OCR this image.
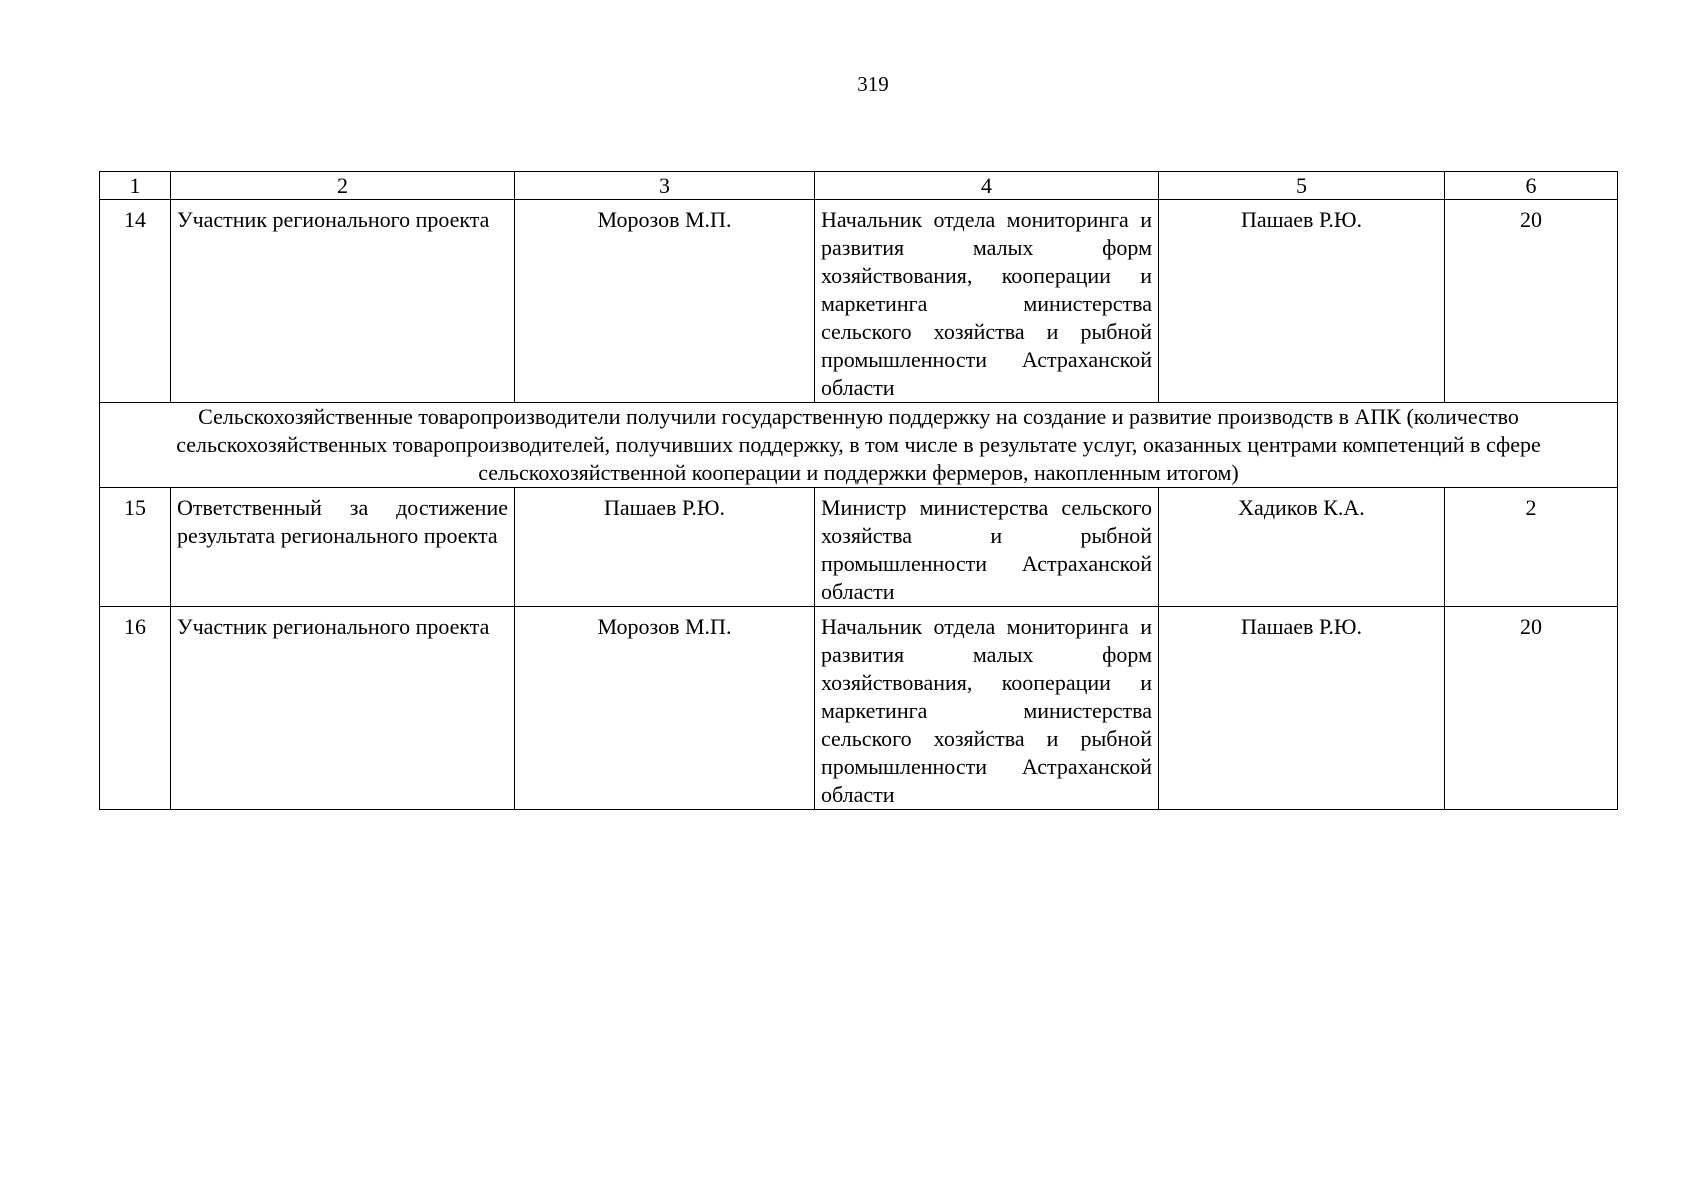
319
1	2	3	4	5	6
14	Участник регионального проекта	Морозов М.П.	Начальник отдела мониторинга и развития малых форм хозяйствования, кооперации и маркетинга министерства сельского хозяйства и рыбной промышленности Астраханской области	Пашаев Р.Ю.	20
Сельскохозяйственные товаропроизводители получили государственную поддержку на создание и развитие производств в АПК (количество сельскохозяйственных товаропроизводителей, получивших поддержку, в том числе в результате услуг, оказанных центрами компетенций в сфере сельскохозяйственной кооперации и поддержки фермеров, накопленным итогом)					
15	Ответственный за достижение результата регионального проекта	Пашаев Р.Ю.	Министр министерства сельского хозяйства и рыбной промышленности Астраханской области	Хадиков К.А.	2
16	Участник регионального проекта	Морозов М.П.	Начальник отдела мониторинга и развития малых форм хозяйствования, кооперации и маркетинга министерства сельского хозяйства и рыбной промышленности Астраханской области	Пашаев Р.Ю.	20
